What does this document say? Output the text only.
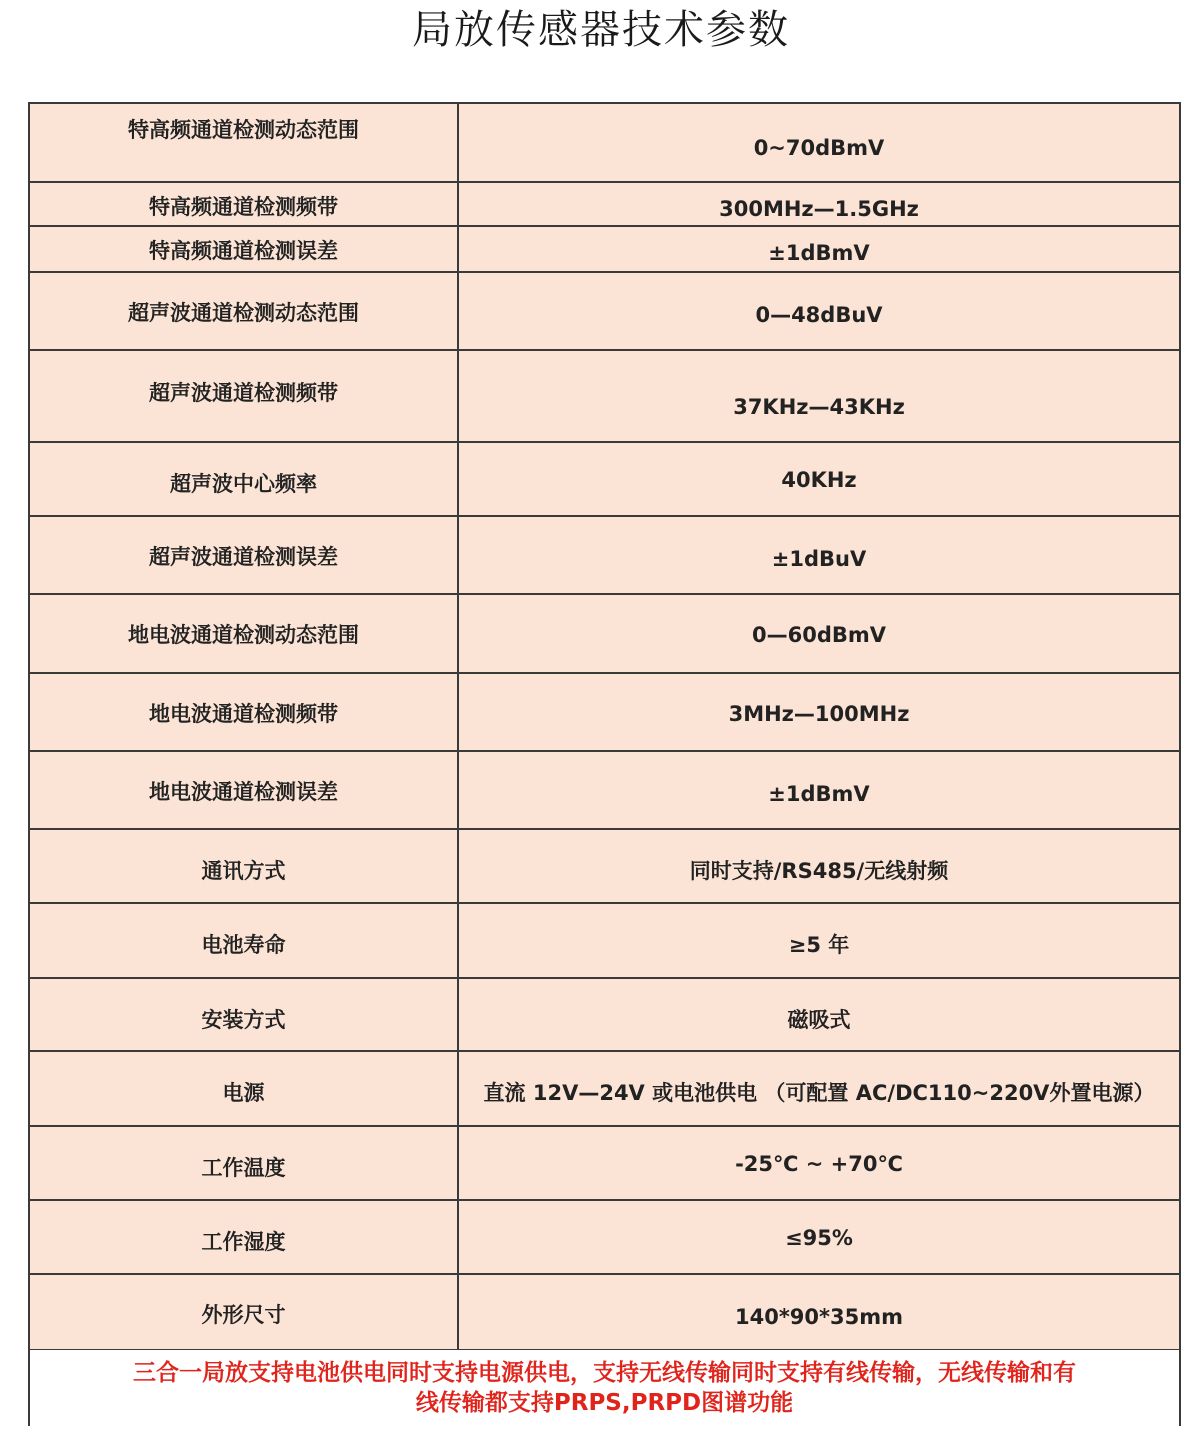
局放传感器技术参数
特高频通道检测动态范围	0~70dBmV

特高频通道检测频带	300MHz—1.5GHz

特高频通道检测误差	±1dBmV

超声波通道检测动态范围	0—48dBuV

超声波通道检测频带	37KHz—43KHz

超声波中心频率	40KHz

超声波通道检测误差	±1dBuV

地电波通道检测动态范围	0—60dBmV

地电波通道检测频带	3MHz—100MHz

地电波通道检测误差	±1dBmV

通讯方式	同时支持/RS485/无线射频

电池寿命	≥5 年

安装方式	磁吸式

电源	直流 12V—24V 或电池供电 （可配置 AC/DC110~220V外置电源）

工作温度	-25℃ ~ +70℃

工作湿度	≤95%

外形尺寸	140*90*35mm
三合一局放支持电池供电同时支持电源供电，支持无线传输同时支持有线传输，无线传输和有
线传输都支持PRPS,PRPD图谱功能
